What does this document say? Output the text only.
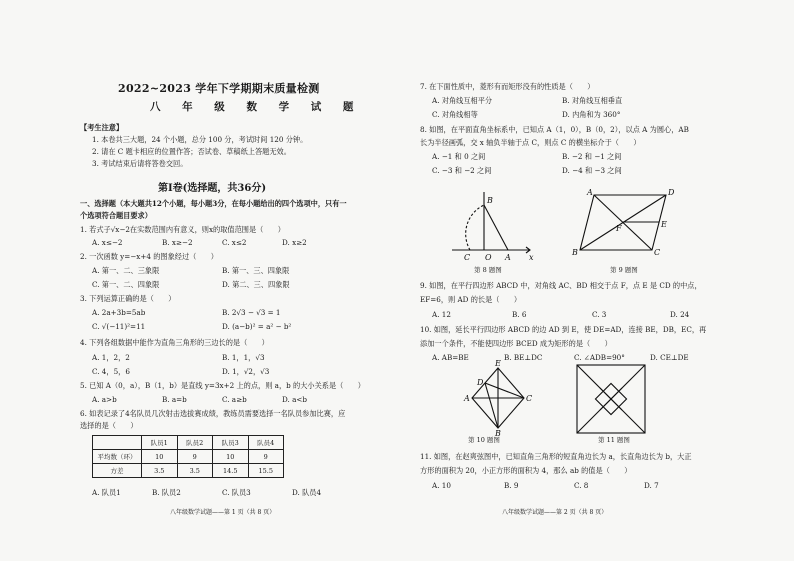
2022~2023 学年下学期期末质量检测
八 年 级 数 学 试 题
【考生注意】
1. 本卷共三大题，24 个小题，总分 100 分，考试时间 120 分钟。
2. 请在 C 题卡相应的位置作答；否试卷、草稿纸上答题无效。
3. 考试结束后请将答卷交回。
第Ⅰ卷(选择题，共36分)
一、选择题（本大题共12个小题，每小题3分，在每小题给出的四个选项中，只有一
个选项符合题目要求）
1. 若式子√x−2在实数范围内有意义，则x的取值范围是（　　）
A. x≤−2	B. x≥−2	C. x≤2	D. x≥2
2. 一次函数 y=−x+4 的图象经过（　　）
A. 第一、二、三象限	B. 第一、三、四象限
C. 第一、二、四象限	D. 第二、三、四象限
3. 下列运算正确的是（　　）
A. 2a+3b=5ab	B. 2√3 − √3 = 1
C. √(−11)²=11	D. (a−b)² = a² − b²
4. 下列各组数据中能作为直角三角形的三边长的是（　　）
A. 1，2，2	B. 1，1，√3
C. 4，5，6	D. 1，√2，√3
5. 已知 A（0，a），B（1，b）是直线 y=3x+2 上的点，则 a，b 的大小关系是（　　）
A. a>b	B. a=b	C. a≥b	D. a<b
6. 如表记录了4名队员几次射击选拔赛成绩，教练员需要选择一名队员参加比赛，应
选择的是（　　）
	队员1	队员2	队员3	队员4
平均数（环）	10	9	10	9
方差	3.5	3.5	14.5	15.5
A. 队员1	B. 队员2	C. 队员3	D. 队员4
八年级数学试题——第 1 页（共 8 页）
7. 在下面性质中，菱形有而矩形没有的性质是（　　）
A. 对角线互相平分	B. 对角线互相垂直
C. 对角线相等	D. 内角和为 360°
8. 如图，在平面直角坐标系中，已知点 A（1，0），B（0，2），以点 A 为圆心，AB
长为半径画弧，交 x 轴负半轴于点 C，则点 C 的横坐标介于（　　）
A. −1 和 0 之间	B. −2 和 −1 之间
C. −3 和 −2 之间	D. −4 和 −3 之间
B
C O A x
第 8 题图
A	D
B	C
E
F
第 9 题图
9. 如图，在平行四边形 ABCD 中，对角线 AC、BD 相交于点 F，点 E 是 CD 的中点，
EF=6，则 AD 的长是（　　）
A. 12	B. 6	C. 3	D. 24
10. 如图，延长平行四边形 ABCD 的边 AD 到 E，使 DE=AD，连接 BE，DB，EC，再
添加一个条件，不能使四边形 BCED 成为矩形的是（　　）
A. AB=BE	B. BE⊥DC	C. ∠ADB=90°	D. CE⊥DE
E
A
D
C
B
第 10 题图	第 11 题图
11. 如图，在赵爽弦图中，已知直角三角形的短直角边长为 a，长直角边长为 b，大正
方形的面积为 20，小正方形的面积为 4，那么 ab 的值是（　　）
A. 10	B. 9	C. 8	D. 7
八年级数学试题——第 2 页（共 8 页）
